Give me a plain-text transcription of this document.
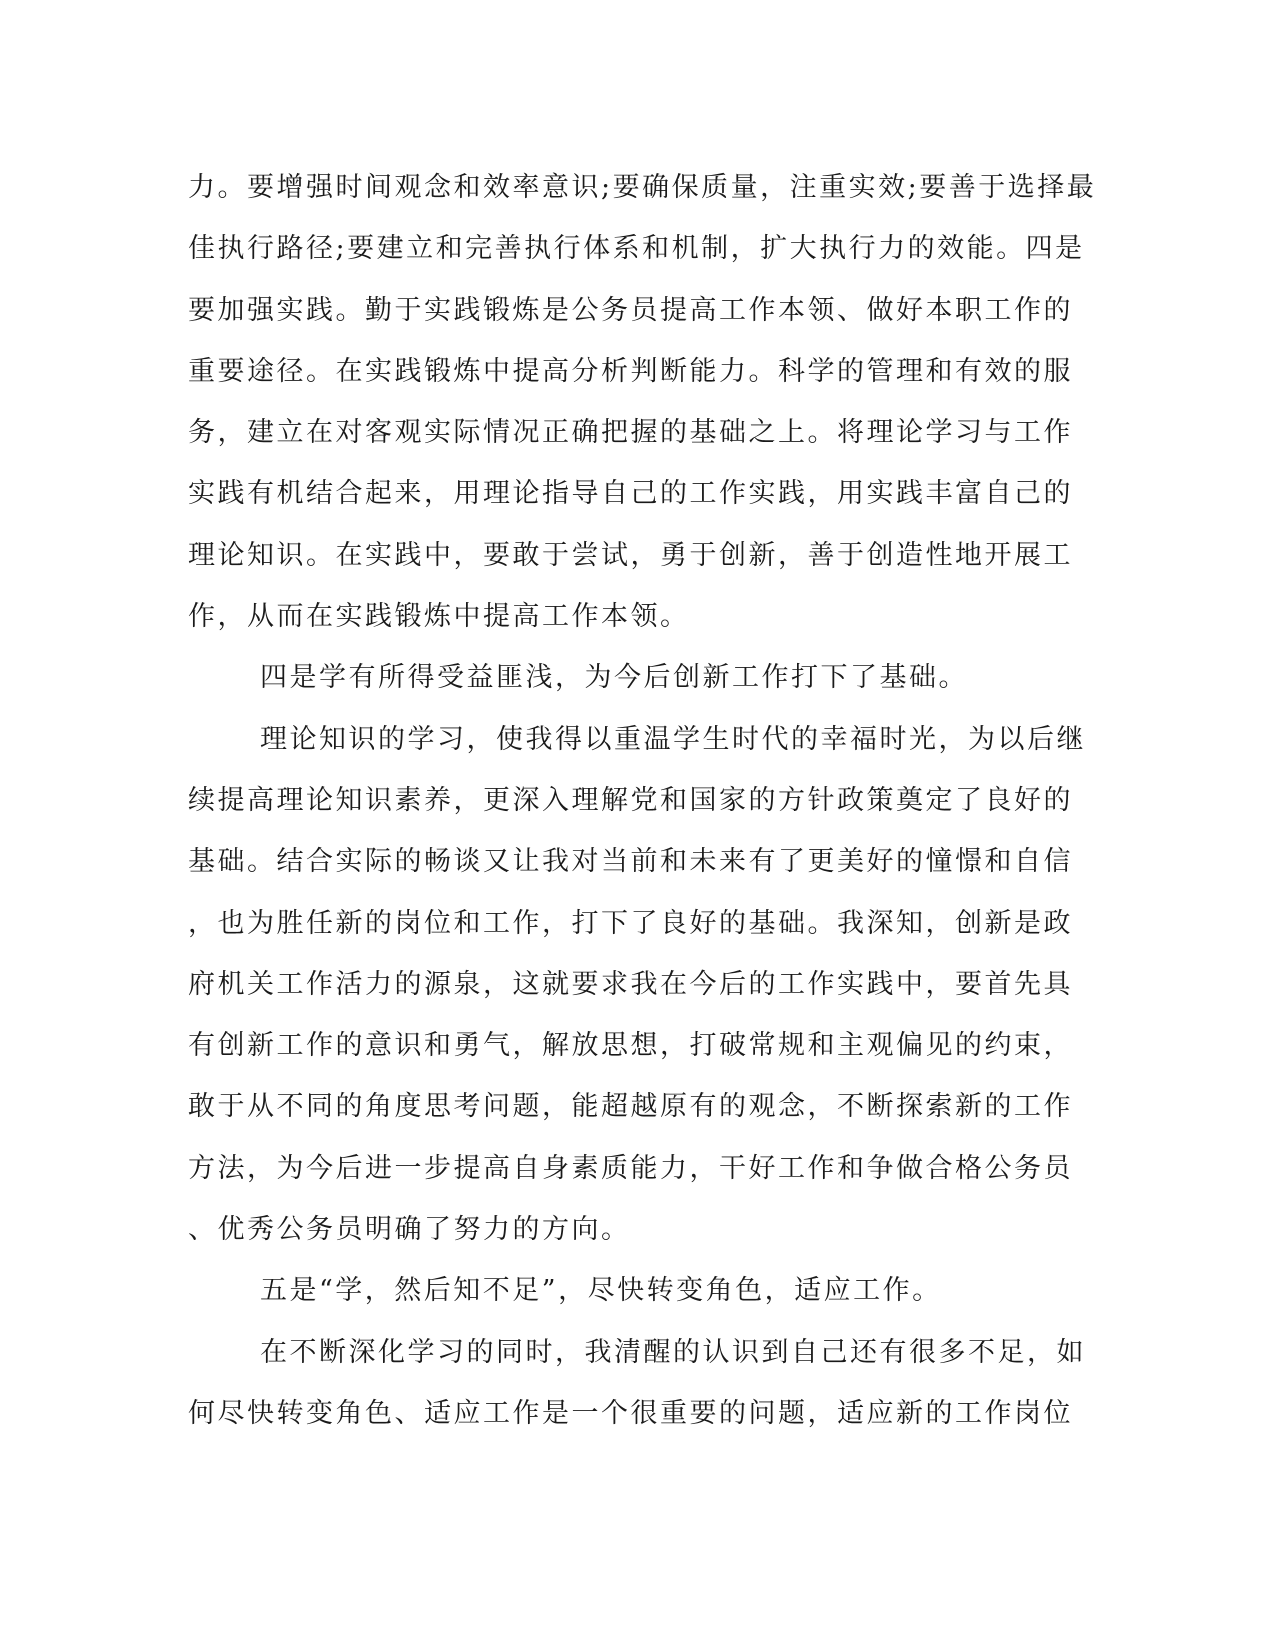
力。要增强时间观念和效率意识;要确保质量，注重实效;要善于选择最
佳执行路径;要建立和完善执行体系和机制，扩大执行力的效能。四是
要加强实践。勤于实践锻炼是公务员提高工作本领、做好本职工作的
重要途径。在实践锻炼中提高分析判断能力。科学的管理和有效的服
务，建立在对客观实际情况正确把握的基础之上。将理论学习与工作
实践有机结合起来，用理论指导自己的工作实践，用实践丰富自己的
理论知识。在实践中，要敢于尝试，勇于创新，善于创造性地开展工
作，从而在实践锻炼中提高工作本领。
四是学有所得受益匪浅，为今后创新工作打下了基础。
理论知识的学习，使我得以重温学生时代的幸福时光，为以后继
续提高理论知识素养，更深入理解党和国家的方针政策奠定了良好的
基础。结合实际的畅谈又让我对当前和未来有了更美好的憧憬和自信
，也为胜任新的岗位和工作，打下了良好的基础。我深知，创新是政
府机关工作活力的源泉，这就要求我在今后的工作实践中，要首先具
有创新工作的意识和勇气，解放思想，打破常规和主观偏见的约束，
敢于从不同的角度思考问题，能超越原有的观念，不断探索新的工作
方法，为今后进一步提高自身素质能力，干好工作和争做合格公务员
、优秀公务员明确了努力的方向。
五是“学，然后知不足”，尽快转变角色，适应工作。
在不断深化学习的同时，我清醒的认识到自己还有很多不足，如
何尽快转变角色、适应工作是一个很重要的问题，适应新的工作岗位
